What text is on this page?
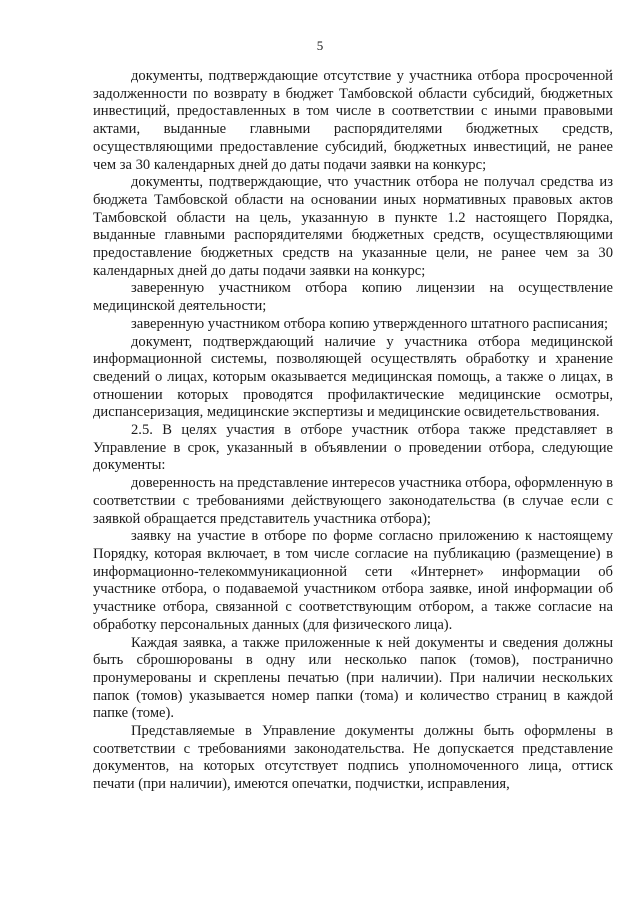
5

документы, подтверждающие отсутствие у участника отбора просроченной задолженности по возврату в бюджет Тамбовской области субсидий, бюджетных инвестиций, предоставленных в том числе в соответствии с иными правовыми актами, выданные главными распорядителями бюджетных средств, осуществляющими предоставление субсидий, бюджетных инвестиций, не ранее чем за 30 календарных дней до даты подачи заявки на конкурс;

документы, подтверждающие, что участник отбора не получал средства из бюджета Тамбовской области на основании иных нормативных правовых актов Тамбовской области на цель, указанную в пункте 1.2 настоящего Порядка, выданные главными распорядителями бюджетных средств, осуществляющими предоставление бюджетных средств на указанные цели, не ранее чем за 30 календарных дней до даты подачи заявки на конкурс;

заверенную участником отбора копию лицензии на осуществление медицинской деятельности;

заверенную участником отбора копию утвержденного штатного расписания;

документ, подтверждающий наличие у участника отбора медицинской информационной системы, позволяющей осуществлять обработку и хранение сведений о лицах, которым оказывается медицинская помощь, а также о лицах, в отношении которых проводятся профилактические медицинские осмотры, диспансеризация, медицинские экспертизы и медицинские освидетельствования.

2.5. В целях участия в отборе участник отбора также представляет в Управление в срок, указанный в объявлении о проведении отбора, следующие документы:

доверенность на представление интересов участника отбора, оформленную в соответствии с требованиями действующего законодательства (в случае если с заявкой обращается представитель участника отбора);

заявку на участие в отборе по форме согласно приложению к настоящему Порядку, которая включает, в том числе согласие на публикацию (размещение) в информационно-телекоммуникационной сети «Интернет» информации об участнике отбора, о подаваемой участником отбора заявке, иной информации об участнике отбора, связанной с соответствующим отбором, а также согласие на обработку персональных данных (для физического лица).

Каждая заявка, а также приложенные к ней документы и сведения должны быть сброшюрованы в одну или несколько папок (томов), постранично пронумерованы и скреплены печатью (при наличии). При наличии нескольких папок (томов) указывается номер папки (тома) и количество страниц в каждой папке (томе).

Представляемые в Управление документы должны быть оформлены в соответствии с требованиями законодательства. Не допускается представление документов, на которых отсутствует подпись уполномоченного лица, оттиск печати (при наличии), имеются опечатки, подчистки, исправления,
